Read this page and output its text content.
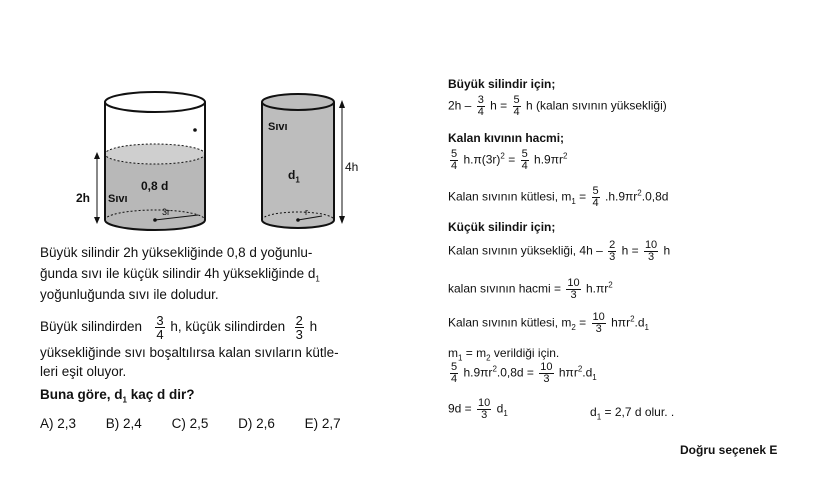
2h Sıvı
0,8 d
3r
Sıvı
$d_1$
4h
r
Büyük silindir 2h yüksekliğinde 0,8 d yoğunlu-
ğunda sıvı ile küçük silindir 4h yüksekliğinde $d_1$
yoğunluğunda sıvı ile doludur.
Büyük silindirden $\frac{3}{4} h$, küçük silindirden $\frac{2}{3}$ h
yüksekliğinde sıvı boşaltılırsa kalan sıvıların kütle-
leri eşit oluyor.
Buna göre, $d_1$ kaç d dir?
A) 2,3 B) 2,4 C) 2,5 D) 2,6 E) 2,7
Büyük silindir için;
$2h - \frac{3}{4}$ $h = \frac{5}{4}$ h (kalan sıvının yüksekliği)
Kalan kıvının hacmi;
$\frac{5}{4} h.\pi(3r)^2 = \frac{5}{4} h.9\pi r^2$
Kalan sıvının kütlesi, $m_1 = \frac{5}{4} .h.9\pi r^2.0,8d$
Küçük silindir için;
Kalan sıvının yüksekliği, $4h - \frac{2}{3}$ $h = \frac{10}{3}$ h
kalan sıvının hacmi = $\frac{10}{3} h.\pi r^2$
Kalan sıvının kütlesi, $m_2 = \frac{10}{3} h\pi r^2.d_1$
$m_1 = m_2$ verildiği için.
$\frac{5}{4} h.9\pi r^2.0,8d = \frac{10}{3} h\pi r^2.d_1$
$9d = \frac{10}{3} d_1$	$d_1 = 2,7$ d olur. .
Doğru seçenek E
